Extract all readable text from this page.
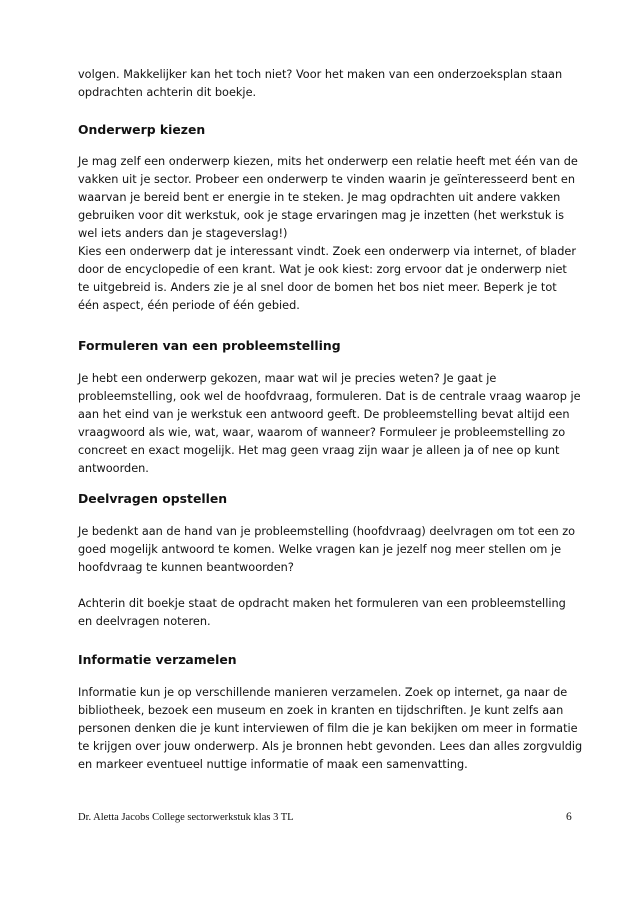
volgen. Makkelijker kan het toch niet? Voor het maken van een onderzoeksplan staan
opdrachten achterin dit boekje.

Onderwerp kiezen

Je mag zelf een onderwerp kiezen, mits het onderwerp een relatie heeft met één van de
vakken uit je sector. Probeer een onderwerp te vinden waarin je geïnteresseerd bent en
waarvan je bereid bent er energie in te steken. Je mag opdrachten uit andere vakken
gebruiken voor dit werkstuk, ook je stage ervaringen mag je inzetten (het werkstuk is
wel iets anders dan je stageverslag!)
Kies een onderwerp dat je interessant vindt. Zoek een onderwerp via internet, of blader
door de encyclopedie of een krant. Wat je ook kiest: zorg ervoor dat je onderwerp niet
te uitgebreid is. Anders zie je al snel door de bomen het bos niet meer. Beperk je tot
één aspect, één periode of één gebied.

Formuleren van een probleemstelling

Je hebt een onderwerp gekozen, maar wat wil je precies weten? Je gaat je
probleemstelling, ook wel de hoofdvraag, formuleren. Dat is de centrale vraag waarop je
aan het eind van je werkstuk een antwoord geeft. De probleemstelling bevat altijd een
vraagwoord als wie, wat, waar, waarom of wanneer? Formuleer je probleemstelling zo
concreet en exact mogelijk. Het mag geen vraag zijn waar je alleen ja of nee op kunt
antwoorden.

Deelvragen opstellen

Je bedenkt aan de hand van je probleemstelling (hoofdvraag) deelvragen om tot een zo
goed mogelijk antwoord te komen. Welke vragen kan je jezelf nog meer stellen om je
hoofdvraag te kunnen beantwoorden?

Achterin dit boekje staat de opdracht maken het formuleren van een probleemstelling
en deelvragen noteren.

Informatie verzamelen

Informatie kun je op verschillende manieren verzamelen. Zoek op internet, ga naar de
bibliotheek, bezoek een museum en zoek in kranten en tijdschriften. Je kunt zelfs aan
personen denken die je kunt interviewen of film die je kan bekijken om meer in formatie
te krijgen over jouw onderwerp. Als je bronnen hebt gevonden. Lees dan alles zorgvuldig
en markeer eventueel nuttige informatie of maak een samenvatting.

Dr. Aletta Jacobs College sectorwerkstuk klas 3 TL	6
